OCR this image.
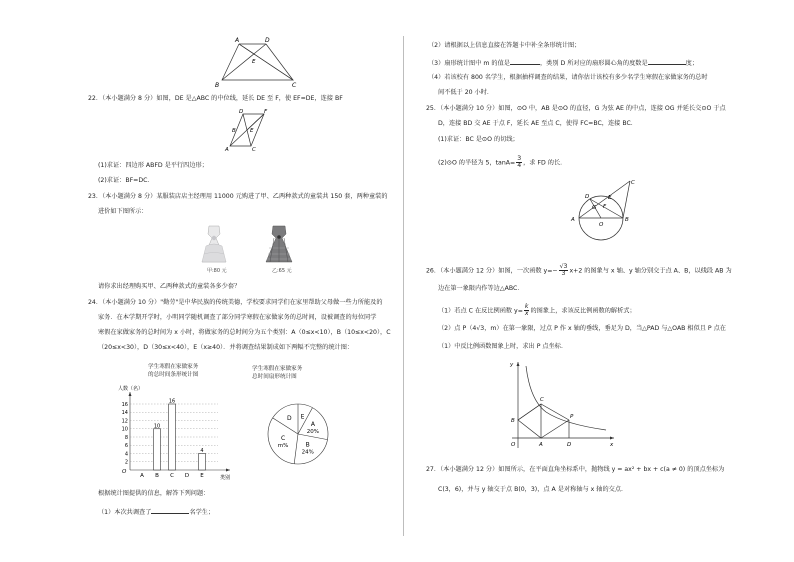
A	D
E
B	C
22．（本小题满分 8 分）如图，DE 是△ABC 的中位线，延长 DE 至 F，使 EF=DE，连接 BF
D	F
E
A	C
B
(1)求证：四边形 ABFD 是平行四边形；
(2)求证：BF=DC．
23．（本小题满分 8 分）某服装店店主经理用 11000 元购进了甲、乙两种款式的童装共 150 套，两种童装的
进价如下图所示：
甲:80 元	乙:65 元
请你求出经理购买甲、乙两种款式的童装各多少套？
24．（本小题满分 10 分）"勤劳"是中华民族的传统美德，学校要求同学们在家里帮助父母做一些力所能及的
家务．在本学期开学时，小明同学随机调查了部分同学寒假在家做家务的总时间，设被调查的每位同学
寒假在家做家务的总时间为 x 小时，将做家务的总时间分为五个类别：A（0≤x<10），B（10≤x<20），C
（20≤x<30），D（30≤x<40），E（x≥40）．并将调查结果制成如下两幅不完整的统计图：
学生寒假在家做家务
的总时间条形统计图
学生寒假在家做家务
总时间扇形统计图
人数（名）
O
2
4
6
8
10
12
14
16
A
10
B
16
C D
4
E	类别
D E
A
20%
B
24%
C
m%
根据统计图提供的信息，解答下列问题：
（1）本次共调查了	名学生；
（2）请根据以上信息直接在答题卡中补全条形统计图；
（3）扇形统计图中 m 的值是	，类别 D 所对应的扇形圆心角的度数是	度；
（4）若该校有 800 名学生，根据抽样调查的结果，请你估计该校有多少名学生寒假在家做家务的总时
间不低于 20 小时．
25．（本小题满分 10 分）如图，⊙O 中，AB 是⊙O 的直径，G 为弦 AE 的中点，连接 OG 并延长交⊙O 于点
D，连接 BD 交 AE 于点 F，延长 AE 至点 C，使得 FC=BC，连接 BC．
(1)求证：BC 是⊙O 的切线；
(2)⊙O 的半径为 5，$\tan A= \frac{3}{4}$ ，求 FD 的长．
A	B
C
D	E
F
G
O
26．（本小题满分 12 分）如图，一次函数 $y=- \frac{√3}{3} x+2$ 的图象与 x 轴、y 轴分别交于点 A、B，以线段 AB 为
边在第一象限内作等边△ABC．
（1）若点 C 在反比例函数 $y= \frac{k}{x}$ 的图象上，求该反比例函数的解析式；
（2）点 P（4√3，m）在第一象限，过点 P 作 x 轴的垂线，垂足为 D，当△PAD 与△OAB 相似且 P 点在
（1）中反比例函数图象上时，求出 P 点坐标．
y
x
O	A
B
C
D
P
27．（本小题满分 12 分）如图所示，在平面直角坐标系中，抛物线 y = ax² + bx + c(a ≠ 0) 的顶点坐标为
C(3，6)，并与 y 轴交于点 B(0，3)，点 A 是对称轴与 x 轴的交点．
